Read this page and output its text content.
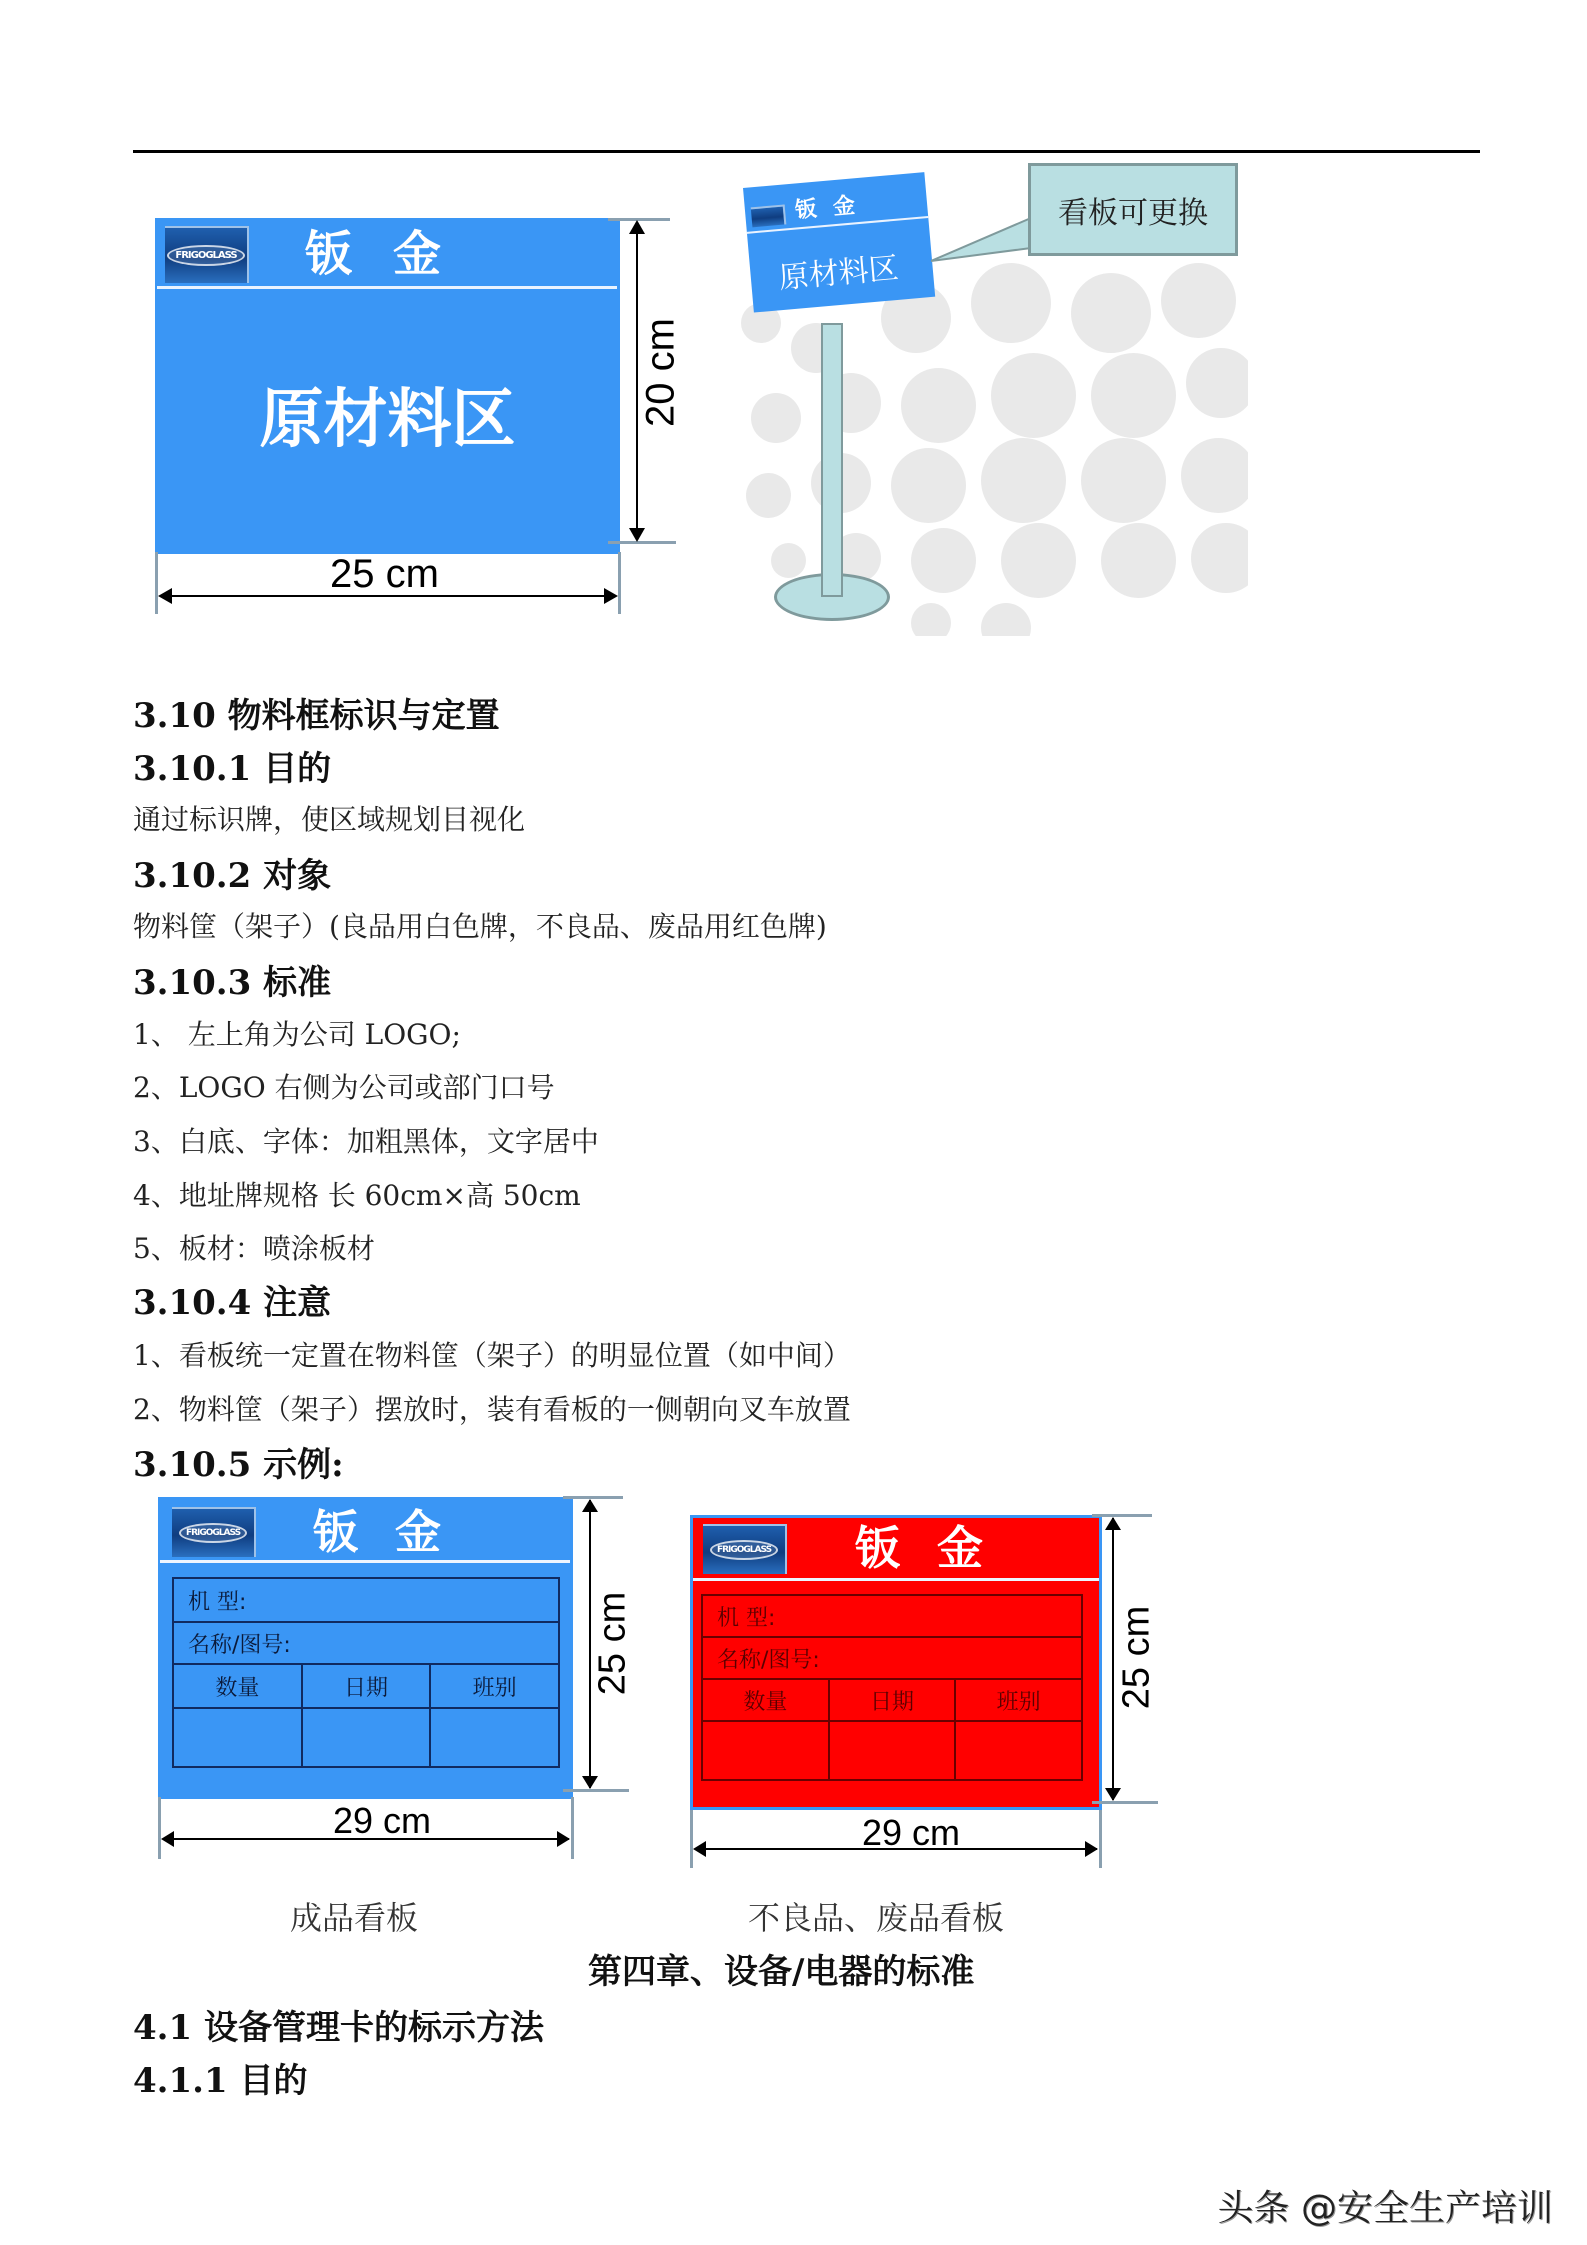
FRIGOGLASS 钣金
原材料区	20 cm
25 cm
钣金
原材料区
看板可更换
3.10 物料框标识与定置
3.10.1 目的
通过标识牌，使区域规划目视化
3.10.2 对象
物料筐（架子）(良品用白色牌，不良品、废品用红色牌)
3.10.3 标准
1、 左上角为公司 LOGO;
2、LOGO 右侧为公司或部门口号
3、白底、字体：加粗黑体，文字居中
4、地址牌规格 长 60cm×高 50cm
5、板材：喷涂板材
3.10.4 注意
1、看板统一定置在物料筐（架子）的明显位置（如中间）
2、物料筐（架子）摆放时，装有看板的一侧朝向叉车放置
3.10.5 示例:
FRIGOGLASS 钣金
机 型:
名称/图号:
数量	日期	班别	25 cm
29 cm
成品看板
FRIGOGLASS 钣金
机 型:
名称/图号:
数量	日期	班别	25 cm
29 cm
不良品、废品看板
第四章、设备/电器的标准
4.1 设备管理卡的标示方法
4.1.1 目的
头条 @安全生产培训
